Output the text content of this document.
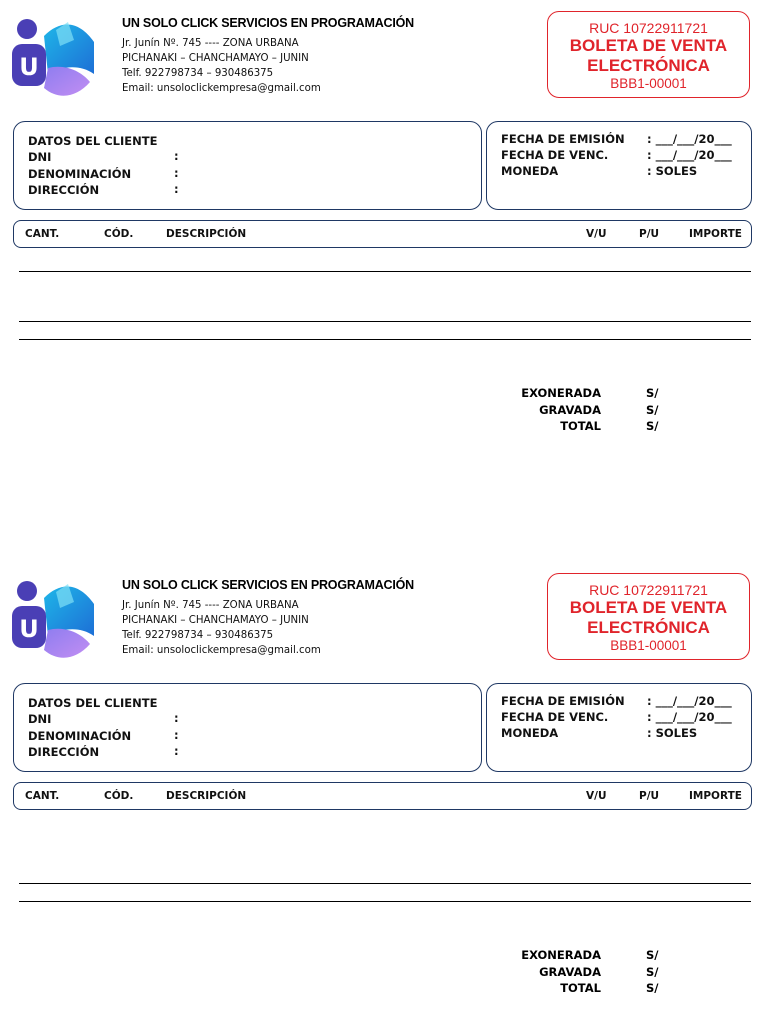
U
UN SOLO CLICK SERVICIOS EN PROGRAMACIÓN
Jr. Junín Nº. 745 ---- ZONA URBANA
PICHANAKI – CHANCHAMAYO – JUNIN
Telf. 922798734 – 930486375
Email: unsoloclickempresa@gmail.com
RUC 10722911721
BOLETA DE VENTA
ELECTRÓNICA
BBB1-00001
DATOS DEL CLIENTE
DNI	:
DENOMINACIÓN	:
DIRECCIÓN	:
FECHA DE EMISIÓN : ___/___/20___
FECHA DE VENC.	: ___/___/20___
MONEDA	: SOLES
CANT.	CÓD.	DESCRIPCIÓN	V/U	P/U	IMPORTE
EXONERADA	S/
GRAVADA	S/
TOTAL	S/
U
UN SOLO CLICK SERVICIOS EN PROGRAMACIÓN
Jr. Junín Nº. 745 ---- ZONA URBANA
PICHANAKI – CHANCHAMAYO – JUNIN
Telf. 922798734 – 930486375
Email: unsoloclickempresa@gmail.com
RUC 10722911721
BOLETA DE VENTA
ELECTRÓNICA
BBB1-00001
DATOS DEL CLIENTE
DNI	:
DENOMINACIÓN	:
DIRECCIÓN	:
FECHA DE EMISIÓN : ___/___/20___
FECHA DE VENC.	: ___/___/20___
MONEDA	: SOLES
CANT.	CÓD.	DESCRIPCIÓN	V/U	P/U	IMPORTE
EXONERADA	S/
GRAVADA	S/
TOTAL	S/
